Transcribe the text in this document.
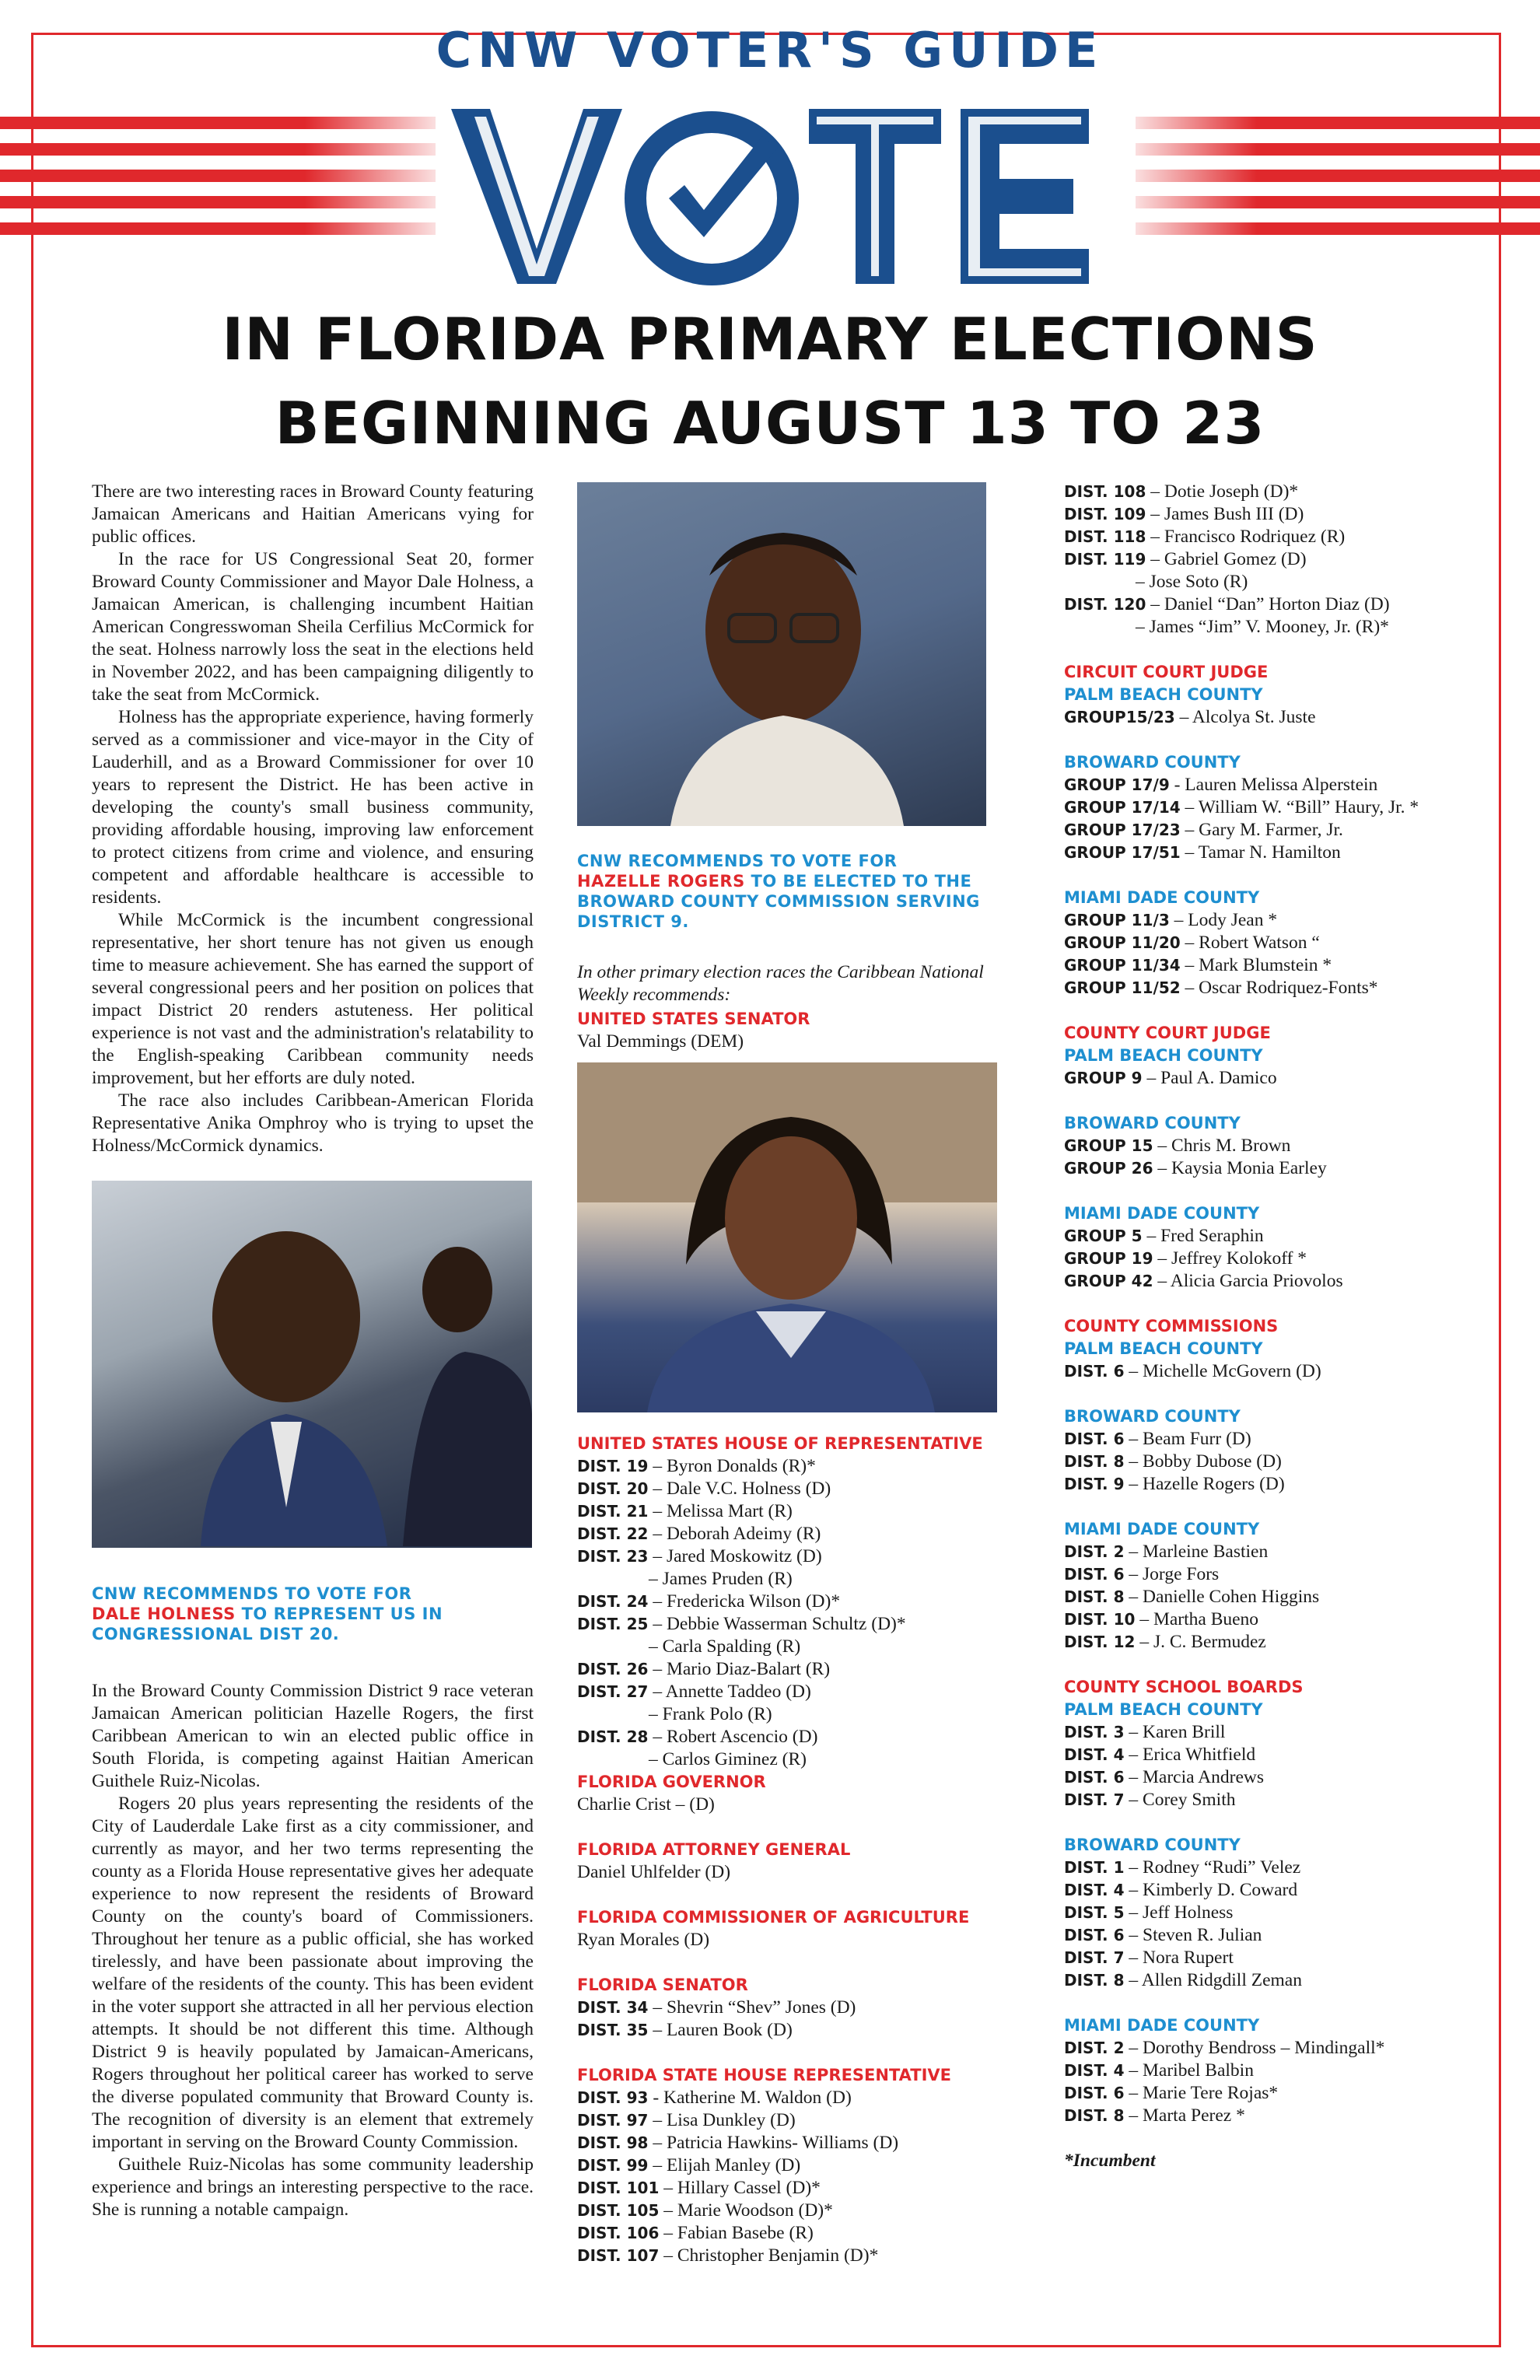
CNW VOTER'S GUIDE
IN FLORIDA PRIMARY ELECTIONS
BEGINNING AUGUST 13 TO 23

There are two interesting races in Broward County featuring Jamaican Americans and Haitian Americans vying for public offices.

In the race for US Congressional Seat 20, former Broward County Commissioner and Mayor Dale Holness, a Jamaican American, is challenging incumbent Haitian American Congresswoman Sheila Cerfilius McCormick for the seat. Holness narrowly loss the seat in the elections held in November 2022, and has been campaigning diligently to take the seat from McCormick.

Holness has the appropriate experience, having formerly served as a commissioner and vice-mayor in the City of Lauderhill, and as a Broward Commissioner for over 10 years to represent the District. He has been active in developing the county's small business community, providing affordable housing, improving law enforcement to protect citizens from crime and violence, and ensuring competent and affordable healthcare is accessible to residents.

While McCormick is the incumbent congressional representative, her short tenure has not given us enough time to measure achievement. She has earned the support of several congressional peers and her position on polices that impact District 20 renders astuteness. Her political experience is not vast and the administration's relatability to the English-speaking Caribbean community needs improvement, but her efforts are duly noted.

The race also includes Caribbean-American Florida Representative Anika Omphroy who is trying to upset the Holness/McCormick dynamics.

CNW RECOMMENDS TO VOTE FOR
DALE HOLNESS TO REPRESENT US IN CONGRESSIONAL DIST 20.

In the Broward County Commission District 9 race veteran Jamaican American politician Hazelle Rogers, the first Caribbean American to win an elected public office in South Florida, is competing against Haitian American Guithele Ruiz-Nicolas.

Rogers 20 plus years representing the residents of the City of Lauderdale Lake first as a city commissioner, and currently as mayor, and her two terms representing the county as a Florida House representative gives her adequate experience to now represent the residents of Broward County on the county's board of Commissioners. Throughout her tenure as a public official, she has worked tirelessly, and have been passionate about improving the welfare of the residents of the county. This has been evident in the voter support she attracted in all her pervious election attempts. It should be not different this time. Although District 9 is heavily populated by Jamaican-Americans, Rogers throughout her political career has worked to serve the diverse populated community that Broward County is. The recognition of diversity is an element that extremely important in serving on the Broward County Commission.

Guithele Ruiz-Nicolas has some community leadership experience and brings an interesting perspective to the race. She is running a notable campaign.

CNW RECOMMENDS TO VOTE FOR
HAZELLE ROGERS TO BE ELECTED TO THE BROWARD COUNTY COMMISSION SERVING DISTRICT 9.
In other primary election races the Caribbean National Weekly recommends:
UNITED STATES SENATOR
Val Demmings (DEM)
UNITED STATES HOUSE OF REPRESENTATIVE
DIST. 19 – Byron Donalds (R)*
DIST. 20 – Dale V.C. Holness (D)
DIST. 21 – Melissa Mart (R)
DIST. 22 – Deborah Adeimy (R)
DIST. 23 – Jared Moskowitz (D)
– James Pruden (R)
DIST. 24 – Fredericka Wilson (D)*
DIST. 25 – Debbie Wasserman Schultz (D)*
– Carla Spalding (R)
DIST. 26 – Mario Diaz-Balart (R)
DIST. 27 – Annette Taddeo (D)
– Frank Polo (R)
DIST. 28 – Robert Ascencio (D)
– Carlos Giminez (R)
FLORIDA GOVERNOR
Charlie Crist – (D)
FLORIDA ATTORNEY GENERAL
Daniel Uhlfelder (D)
FLORIDA COMMISSIONER OF AGRICULTURE
Ryan Morales (D)
FLORIDA SENATOR
DIST. 34 – Shevrin “Shev” Jones (D)
DIST. 35 – Lauren Book (D)
FLORIDA STATE HOUSE REPRESENTATIVE
DIST. 93 - Katherine M. Waldon (D)
DIST. 97 – Lisa Dunkley (D)
DIST. 98 – Patricia Hawkins- Williams (D)
DIST. 99 – Elijah Manley (D)
DIST. 101 – Hillary Cassel (D)*
DIST. 105 – Marie Woodson (D)*
DIST. 106 – Fabian Basebe (R)
DIST. 107 – Christopher Benjamin (D)*
DIST. 108 – Dotie Joseph (D)*
DIST. 109 – James Bush III (D)
DIST. 118 – Francisco Rodriquez (R)
DIST. 119 – Gabriel Gomez (D)
– Jose Soto (R)
DIST. 120 – Daniel “Dan” Horton Diaz (D)
– James “Jim” V. Mooney, Jr. (R)*
CIRCUIT COURT JUDGE
PALM BEACH COUNTY
GROUP15/23 – Alcolya St. Juste
BROWARD COUNTY
GROUP 17/9 - Lauren Melissa Alperstein
GROUP 17/14 – William W. “Bill” Haury, Jr. *
GROUP 17/23 – Gary M. Farmer, Jr.
GROUP 17/51 – Tamar N. Hamilton
MIAMI DADE COUNTY
GROUP 11/3 – Lody Jean *
GROUP 11/20 – Robert Watson “
GROUP 11/34 – Mark Blumstein *
GROUP 11/52 – Oscar Rodriquez-Fonts*
COUNTY COURT JUDGE
PALM BEACH COUNTY
GROUP 9 – Paul A. Damico
BROWARD COUNTY
GROUP 15 – Chris M. Brown
GROUP 26 – Kaysia Monia Earley
MIAMI DADE COUNTY
GROUP 5 – Fred Seraphin
GROUP 19 – Jeffrey Kolokoff *
GROUP 42 – Alicia Garcia Priovolos
COUNTY COMMISSIONS
PALM BEACH COUNTY
DIST. 6 – Michelle McGovern (D)
BROWARD COUNTY
DIST. 6 – Beam Furr (D)
DIST. 8 – Bobby Dubose (D)
DIST. 9 – Hazelle Rogers (D)
MIAMI DADE COUNTY
DIST. 2 – Marleine Bastien
DIST. 6 – Jorge Fors
DIST. 8 – Danielle Cohen Higgins
DIST. 10 – Martha Bueno
DIST. 12 – J. C. Bermudez
COUNTY SCHOOL BOARDS
PALM BEACH COUNTY
DIST. 3 – Karen Brill
DIST. 4 – Erica Whitfield
DIST. 6 – Marcia Andrews
DIST. 7 – Corey Smith
BROWARD COUNTY
DIST. 1 – Rodney “Rudi” Velez
DIST. 4 – Kimberly D. Coward
DIST. 5 – Jeff Holness
DIST. 6 – Steven R. Julian
DIST. 7 – Nora Rupert
DIST. 8 – Allen Ridgdill Zeman
MIAMI DADE COUNTY
DIST. 2 – Dorothy Bendross – Mindingall*
DIST. 4 – Maribel Balbin
DIST. 6 – Marie Tere Rojas*
DIST. 8 – Marta Perez *
*Incumbent
